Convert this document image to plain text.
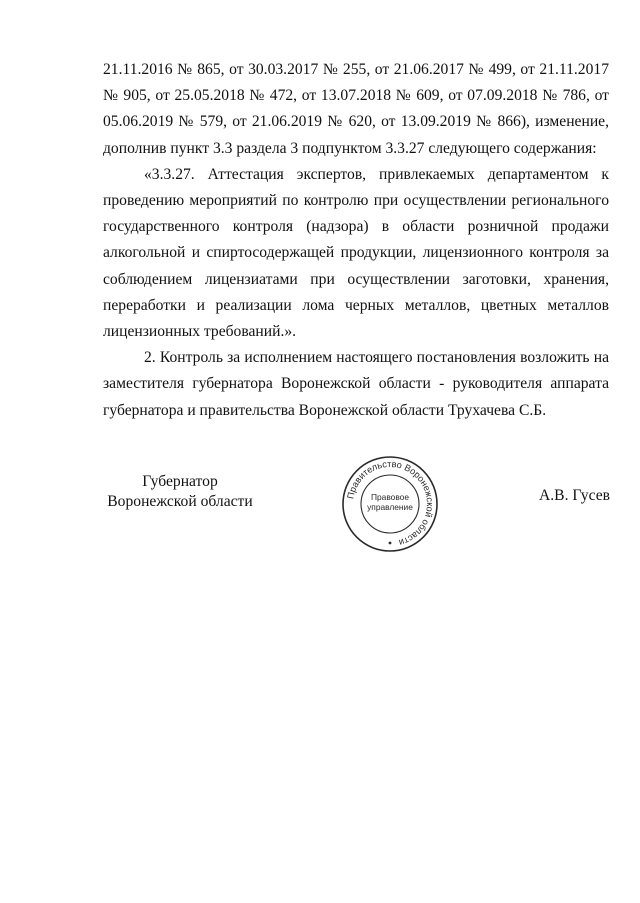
21.11.2016 № 865, от 30.03.2017 № 255, от 21.06.2017 № 499, от 21.11.2017 № 905, от 25.05.2018 № 472, от 13.07.2018 № 609, от 07.09.2018 № 786, от 05.06.2019 № 579, от 21.06.2019 № 620, от 13.09.2019 № 866), изменение, дополнив пункт 3.3 раздела 3 подпунктом 3.3.27 следующего содержания:

«3.3.27. Аттестация экспертов, привлекаемых департаментом к проведению мероприятий по контролю при осуществлении регионального государственного контроля (надзора) в области розничной продажи алкогольной и спиртосодержащей продукции, лицензионного контроля за соблюдением лицензиатами при осуществлении заготовки, хранения, переработки и реализации лома черных металлов, цветных металлов лицензионных требований.».

2. Контроль за исполнением настоящего постановления возложить на заместителя губернатора Воронежской области - руководителя аппарата губернатора и правительства Воронежской области Трухачева С.Б.

Губернатор
Воронежской области	Правительство Воронежской области
Правовое
управление
А.В. Гусев
